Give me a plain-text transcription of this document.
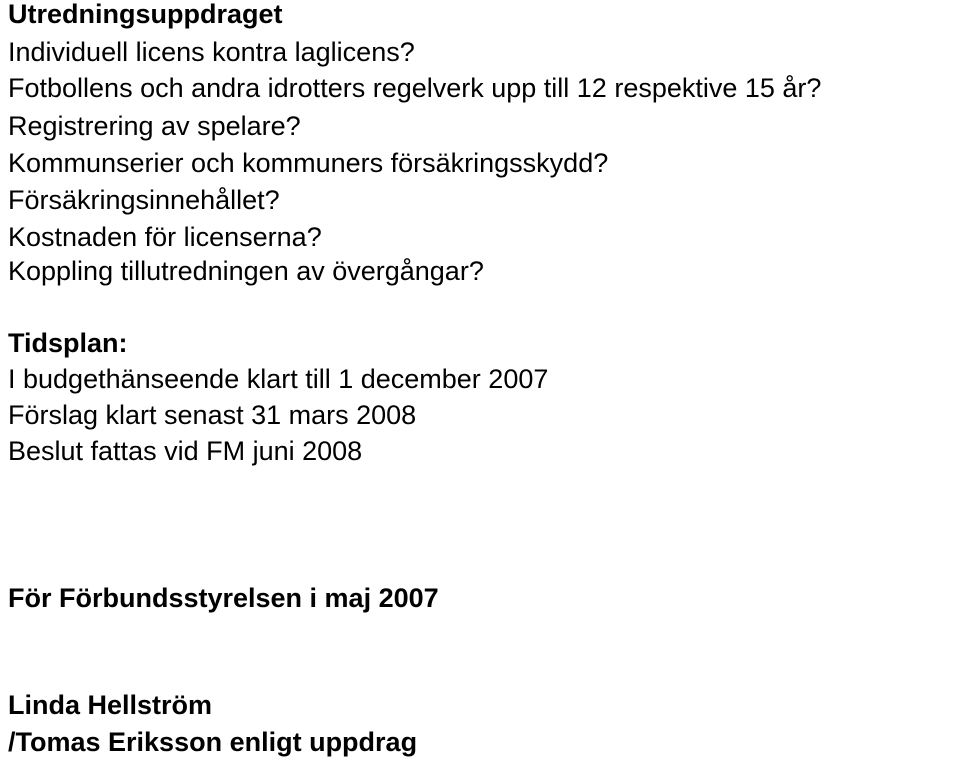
Utredningsuppdraget

Individuell licens kontra laglicens?

Fotbollens och andra idrotters regelverk upp till 12 respektive 15 år?

Registrering av spelare?

Kommunserier och kommuners försäkringsskydd?

Försäkringsinnehållet?

Kostnaden för licenserna?

Koppling tillutredningen av övergångar?

Tidsplan:

I budgethänseende klart till 1 december 2007

Förslag klart senast 31 mars 2008

Beslut fattas vid FM juni 2008

För Förbundsstyrelsen i maj 2007

Linda Hellström

/Tomas Eriksson enligt uppdrag
